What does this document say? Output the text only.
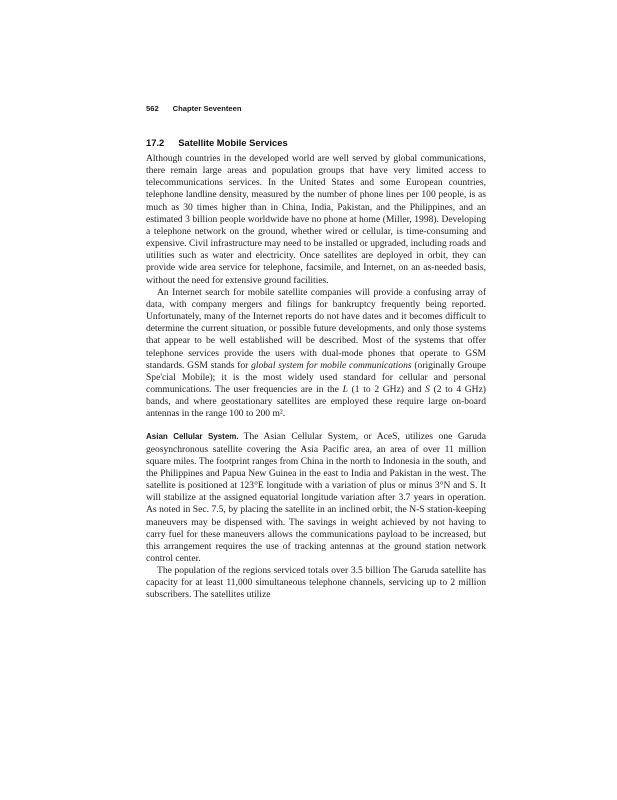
562 Chapter Seventeen
17.2 Satellite Mobile Services

Although countries in the developed world are well served by global communications, there remain large areas and population groups that have very limited access to telecommunications services. In the United States and some European countries, telephone landline density, measured by the number of phone lines per 100 people, is as much as 30 times higher than in China, India, Pakistan, and the Philippines, and an estimated 3 billion people worldwide have no phone at home (Miller, 1998). Developing a telephone network on the ground, whether wired or cellular, is time-consuming and expensive. Civil infrastructure may need to be installed or upgraded, including roads and utilities such as water and electricity. Once satellites are deployed in orbit, they can provide wide area service for telephone, facsimile, and Internet, on an as-needed basis, without the need for extensive ground facilities.

An Internet search for mobile satellite companies will provide a confusing array of data, with company mergers and filings for bankruptcy frequently being reported. Unfortunately, many of the Internet reports do not have dates and it becomes difficult to determine the current situation, or possible future developments, and only those systems that appear to be well established will be described. Most of the systems that offer telephone services provide the users with dual-mode phones that operate to GSM standards. GSM stands for global system for mobile communications (originally Groupe Spe'cial Mobile); it is the most widely used standard for cellular and personal communications. The user frequencies are in the L (1 to 2 GHz) and S (2 to 4 GHz) bands, and where geostationary satellites are employed these require large on-board antennas in the range 100 to 200 m².

Asian Cellular System. The Asian Cellular System, or AceS, utilizes one Garuda geosynchronous satellite covering the Asia Pacific area, an area of over 11 million square miles. The footprint ranges from China in the north to Indonesia in the south, and the Philippines and Papua New Guinea in the east to India and Pakistan in the west. The satellite is positioned at 123°E longitude with a variation of plus or minus 3°N and S. It will stabilize at the assigned equatorial longitude variation after 3.7 years in operation. As noted in Sec. 7.5, by placing the satellite in an inclined orbit, the N-S station-keeping maneuvers may be dispensed with. The savings in weight achieved by not having to carry fuel for these maneuvers allows the communications payload to be increased, but this arrangement requires the use of tracking antennas at the ground station network control center.

The population of the regions serviced totals over 3.5 billion The Garuda satellite has capacity for at least 11,000 simultaneous telephone channels, servicing up to 2 million subscribers. The satellites utilize
